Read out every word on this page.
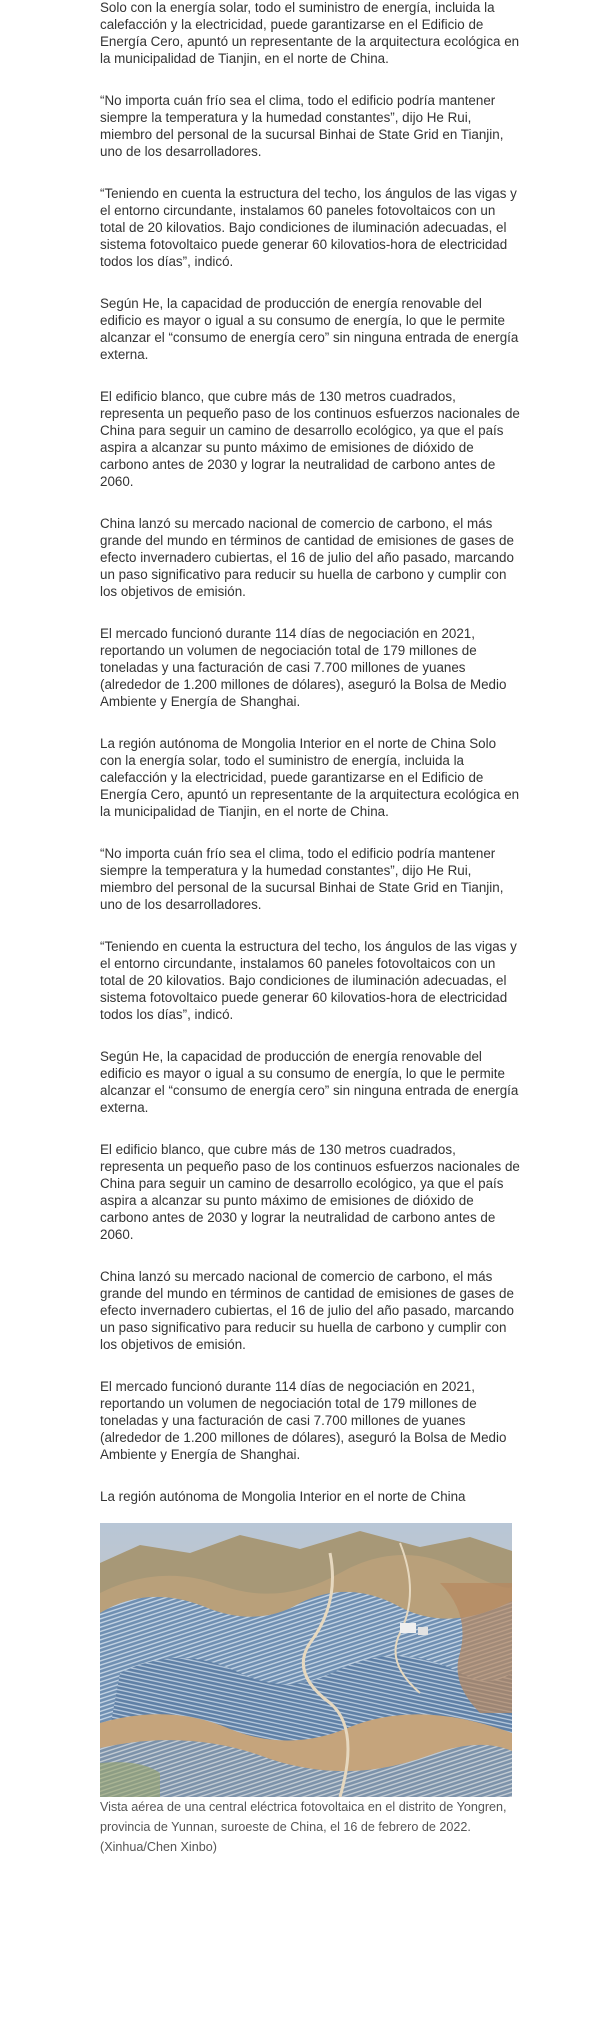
Solo con la energía solar, todo el suministro de energía, incluida la calefacción y la electricidad, puede garantizarse en el Edificio de Energía Cero, apuntó un representante de la arquitectura ecológica en la municipalidad de Tianjin, en el norte de China.

“No importa cuán frío sea el clima, todo el edificio podría mantener siempre la temperatura y la humedad constantes”, dijo He Rui, miembro del personal de la sucursal Binhai de State Grid en Tianjin, uno de los desarrolladores.

“Teniendo en cuenta la estructura del techo, los ángulos de las vigas y el entorno circundante, instalamos 60 paneles fotovoltaicos con un total de 20 kilovatios. Bajo condiciones de iluminación adecuadas, el sistema fotovoltaico puede generar 60 kilovatios-hora de electricidad todos los días”, indicó.

Según He, la capacidad de producción de energía renovable del edificio es mayor o igual a su consumo de energía, lo que le permite alcanzar el “consumo de energía cero” sin ninguna entrada de energía externa.

El edificio blanco, que cubre más de 130 metros cuadrados, representa un pequeño paso de los continuos esfuerzos nacionales de China para seguir un camino de desarrollo ecológico, ya que el país aspira a alcanzar su punto máximo de emisiones de dióxido de carbono antes de 2030 y lograr la neutralidad de carbono antes de 2060.

China lanzó su mercado nacional de comercio de carbono, el más grande del mundo en términos de cantidad de emisiones de gases de efecto invernadero cubiertas, el 16 de julio del año pasado, marcando un paso significativo para reducir su huella de carbono y cumplir con los objetivos de emisión.

El mercado funcionó durante 114 días de negociación en 2021, reportando un volumen de negociación total de 179 millones de toneladas y una facturación de casi 7.700 millones de yuanes (alrededor de 1.200 millones de dólares), aseguró la Bolsa de Medio Ambiente y Energía de Shanghai.

La región autónoma de Mongolia Interior en el norte de China Solo con la energía solar, todo el suministro de energía, incluida la calefacción y la electricidad, puede garantizarse en el Edificio de Energía Cero, apuntó un representante de la arquitectura ecológica en la municipalidad de Tianjin, en el norte de China.

“No importa cuán frío sea el clima, todo el edificio podría mantener siempre la temperatura y la humedad constantes”, dijo He Rui, miembro del personal de la sucursal Binhai de State Grid en Tianjin, uno de los desarrolladores.

“Teniendo en cuenta la estructura del techo, los ángulos de las vigas y el entorno circundante, instalamos 60 paneles fotovoltaicos con un total de 20 kilovatios. Bajo condiciones de iluminación adecuadas, el sistema fotovoltaico puede generar 60 kilovatios-hora de electricidad todos los días”, indicó.

Según He, la capacidad de producción de energía renovable del edificio es mayor o igual a su consumo de energía, lo que le permite alcanzar el “consumo de energía cero” sin ninguna entrada de energía externa.

El edificio blanco, que cubre más de 130 metros cuadrados, representa un pequeño paso de los continuos esfuerzos nacionales de China para seguir un camino de desarrollo ecológico, ya que el país aspira a alcanzar su punto máximo de emisiones de dióxido de carbono antes de 2030 y lograr la neutralidad de carbono antes de 2060.

China lanzó su mercado nacional de comercio de carbono, el más grande del mundo en términos de cantidad de emisiones de gases de efecto invernadero cubiertas, el 16 de julio del año pasado, marcando un paso significativo para reducir su huella de carbono y cumplir con los objetivos de emisión.

El mercado funcionó durante 114 días de negociación en 2021, reportando un volumen de negociación total de 179 millones de toneladas y una facturación de casi 7.700 millones de yuanes (alrededor de 1.200 millones de dólares), aseguró la Bolsa de Medio Ambiente y Energía de Shanghai.

La región autónoma de Mongolia Interior en el norte de China

Vista aérea de una central eléctrica fotovoltaica en el distrito de Yongren, provincia de Yunnan, suroeste de China, el 16 de febrero de 2022. (Xinhua/Chen Xinbo)
